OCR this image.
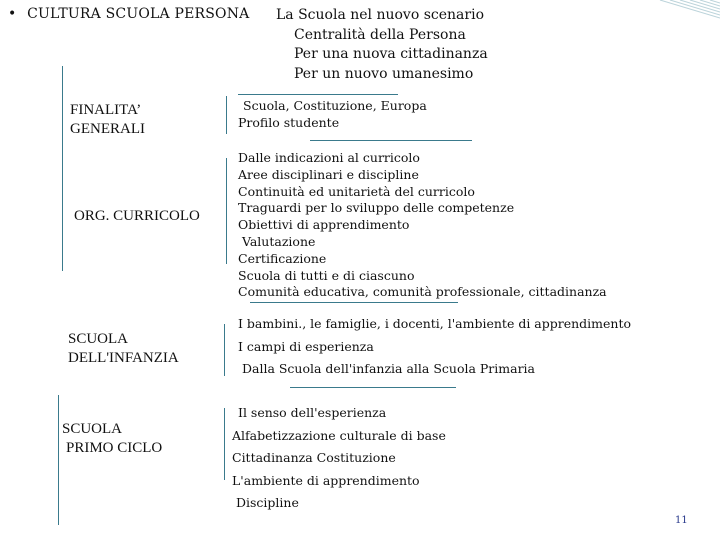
• CULTURA SCUOLA PERSONA La Scuola nel nuovo scenario
Centralità della Persona
Per una nuova cittadinanza
Per un nuovo umanesimo
FINALITA’
GENERALI
ORG. CURRICOLO
SCUOLA
DELL'INFANZIA
SCUOLA
PRIMO CICLO
Scuola, Costituzione, Europa
Profilo studente
Dalle indicazioni al curricolo
Aree disciplinari e discipline
Continuità ed unitarietà del curricolo
Traguardi per lo sviluppo delle competenze
Obiettivi di apprendimento
Valutazione
Certificazione
Scuola di tutti e di ciascuno
Comunità educativa, comunità professionale, cittadinanza
I bambini., le famiglie, i docenti, l'ambiente di apprendimento
I campi di esperienza
Dalla Scuola dell'infanzia alla Scuola Primaria
Il senso dell'esperienza
Alfabetizzazione culturale di base
Cittadinanza Costituzione
L'ambiente di apprendimento
Discipline
11
